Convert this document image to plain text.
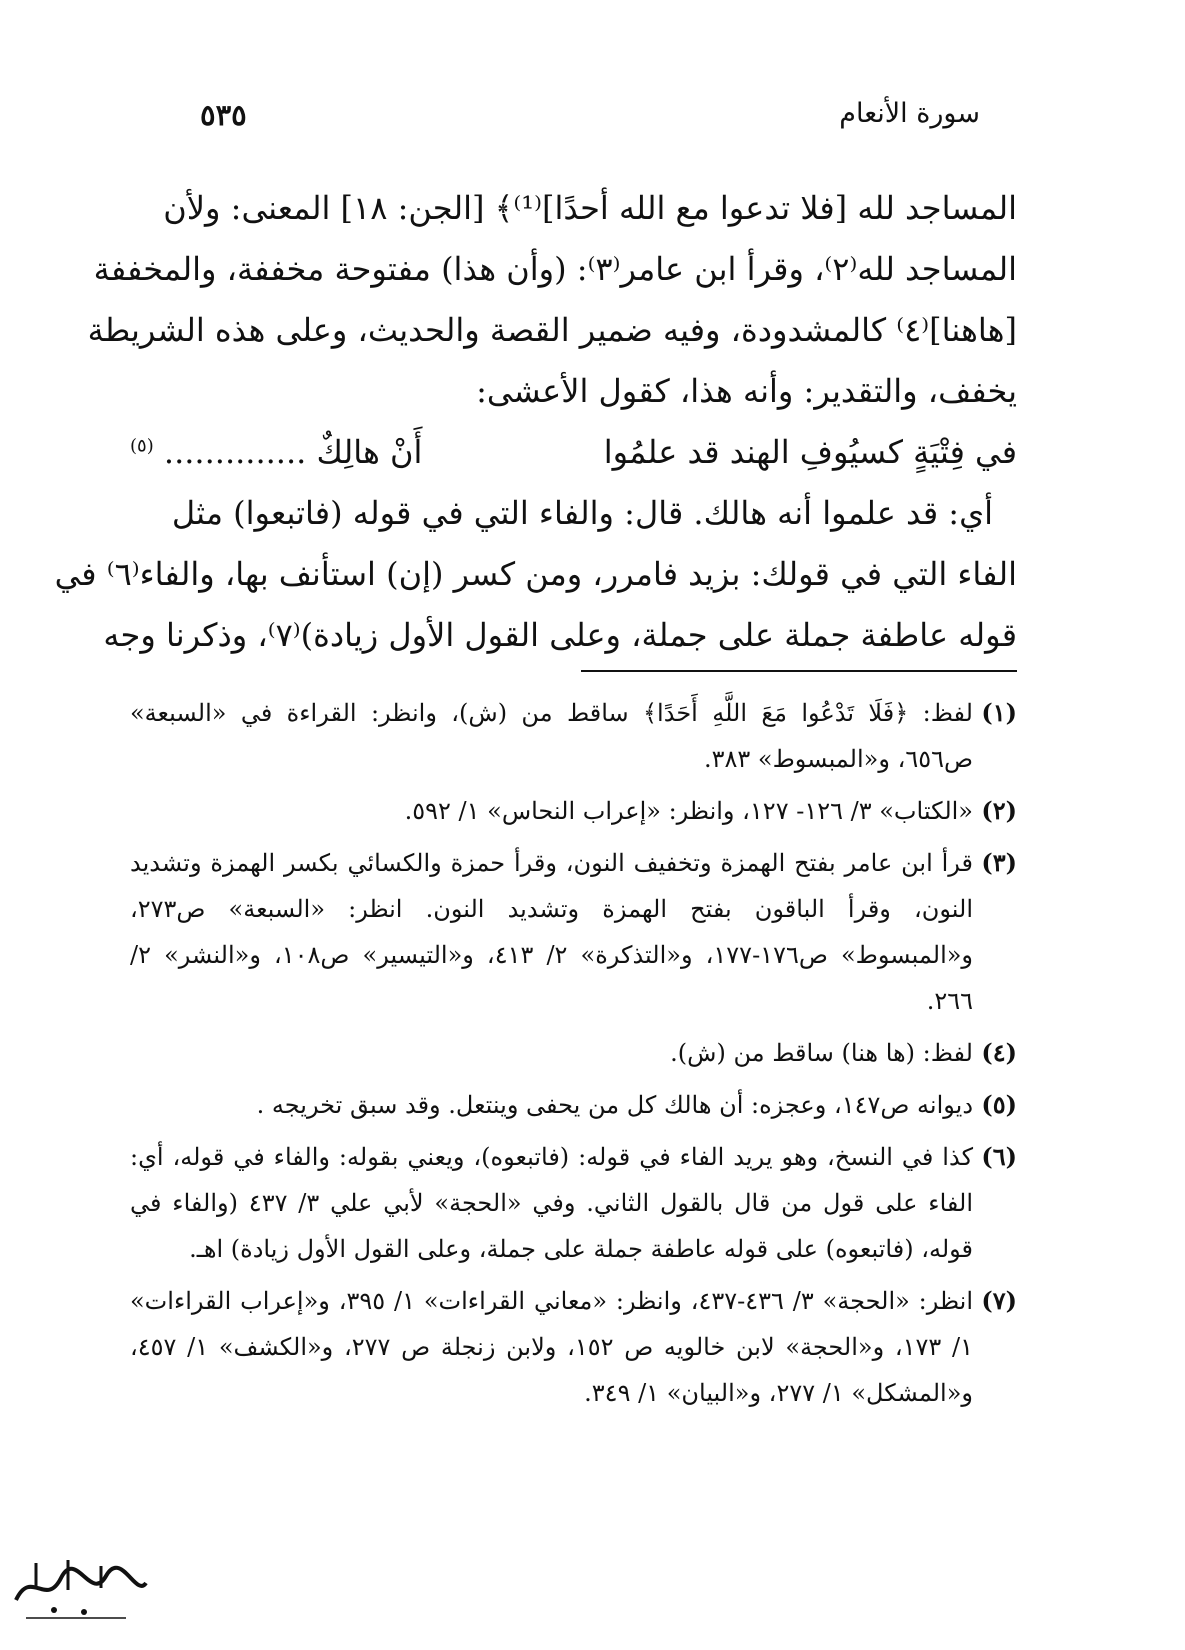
سورة الأنعام
٥٣٥
المساجد لله [فلا تدعوا مع الله أحدًا]⁽¹⁾﴾ [الجن: ١٨] المعنى: ولأن
المساجد لله⁽٢⁾، وقرأ ابن عامر⁽٣⁾: (وأن هذا) مفتوحة مخففة، والمخففة
[هاهنا]⁽٤⁾ كالمشدودة، وفيه ضمير القصة والحديث، وعلى هذه الشريطة
يخفف، والتقدير: وأنه هذا، كقول الأعشى:
في فِتْيَةٍ كسيُوفِ الهند قد علمُوا
أَنْ هالِكٌ .............. $^{(٥)}$
أي: قد علموا أنه هالك. قال: والفاء التي في قوله (فاتبعوا) مثل
الفاء التي في قولك: بزيد فامرر، ومن كسر (إن) استأنف بها، والفاء⁽٦⁾ في
قوله عاطفة جملة على جملة، وعلى القول الأول زيادة)⁽٧⁾، وذكرنا وجه
(١)
لفظ: ﴿فَلَا تَدْعُوا مَعَ اللَّهِ أَحَدًا﴾ ساقط من (ش)، وانظر: القراءة في «السبعة» ص٦٥٦، و«المبسوط» ٣٨٣.
(٢)
«الكتاب» ٣/ ١٢٦- ١٢٧، وانظر: «إعراب النحاس» ١/ ٥٩٢.
(٣)
قرأ ابن عامر بفتح الهمزة وتخفيف النون، وقرأ حمزة والكسائي بكسر الهمزة وتشديد النون، وقرأ الباقون بفتح الهمزة وتشديد النون. انظر: «السبعة» ص٢٧٣، و«المبسوط» ص١٧٦-١٧٧، و«التذكرة» ٢/ ٤١٣، و«التيسير» ص١٠٨، و«النشر» ٢/ ٢٦٦.
(٤)
لفظ: (ها هنا) ساقط من (ش).
(٥)
ديوانه ص١٤٧، وعجزه: أن هالك كل من يحفى وينتعل. وقد سبق تخريجه .
(٦)
كذا في النسخ، وهو يريد الفاء في قوله: (فاتبعوه)، ويعني بقوله: والفاء في قوله، أي: الفاء على قول من قال بالقول الثاني. وفي «الحجة» لأبي علي ٣/ ٤٣٧ (والفاء في قوله، (فاتبعوه) على قوله عاطفة جملة على جملة، وعلى القول الأول زيادة) اهـ.
(٧)
انظر: «الحجة» ٣/ ٤٣٦-٤٣٧، وانظر: «معاني القراءات» ١/ ٣٩٥، و«إعراب القراءات» ١/ ١٧٣، و«الحجة» لابن خالويه ص ١٥٢، ولابن زنجلة ص ٢٧٧، و«الكشف» ١/ ٤٥٧، و«المشكل» ١/ ٢٧٧، و«البيان» ١/ ٣٤٩.
